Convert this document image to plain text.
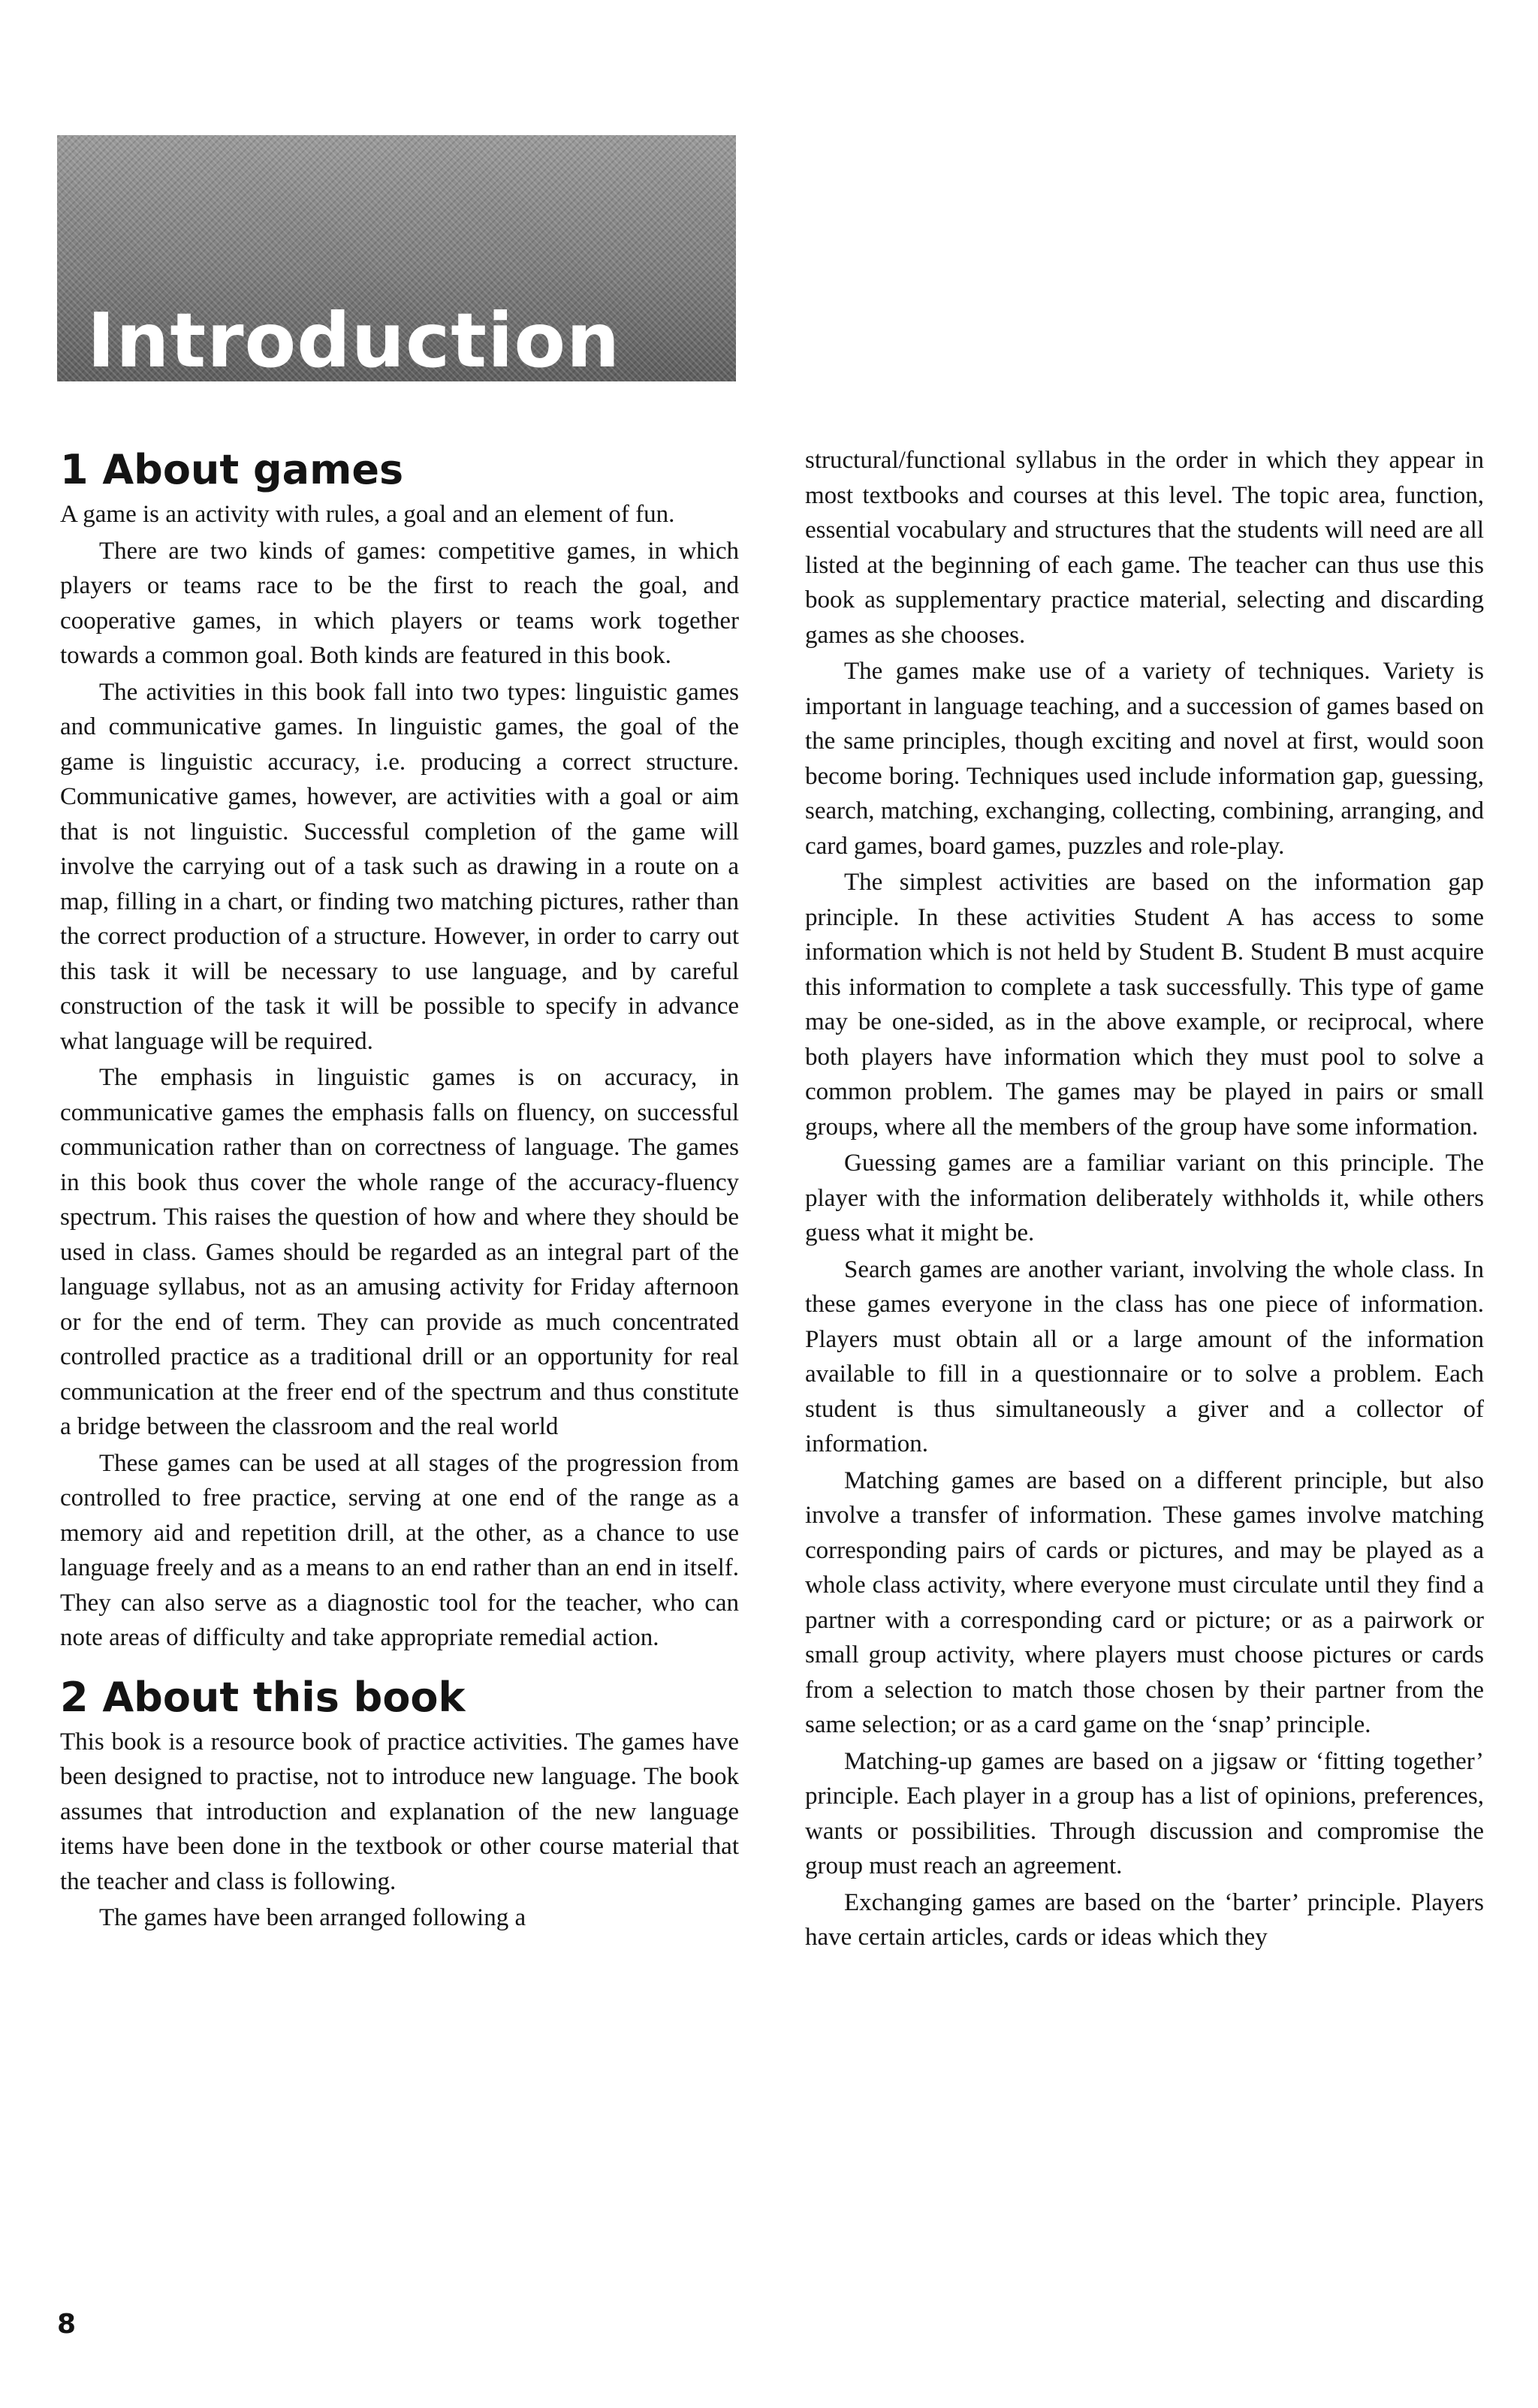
Introduction
1 About games

A game is an activity with rules, a goal and an element of fun.

There are two kinds of games: competitive games, in which players or teams race to be the first to reach the goal, and cooperative games, in which players or teams work together towards a common goal. Both kinds are featured in this book.

The activities in this book fall into two types: linguistic games and communicative games. In linguistic games, the goal of the game is linguistic accuracy, i.e. producing a correct structure. Communicative games, however, are activities with a goal or aim that is not linguistic. Successful completion of the game will involve the carrying out of a task such as drawing in a route on a map, filling in a chart, or finding two matching pictures, rather than the correct production of a structure. However, in order to carry out this task it will be necessary to use language, and by careful construction of the task it will be possible to specify in advance what language will be required.

The emphasis in linguistic games is on accuracy, in communicative games the emphasis falls on fluency, on successful communication rather than on correctness of language. The games in this book thus cover the whole range of the accuracy-fluency spectrum. This raises the question of how and where they should be used in class. Games should be regarded as an integral part of the language syllabus, not as an amusing activity for Friday afternoon or for the end of term. They can provide as much concentrated controlled practice as a traditional drill or an opportunity for real communication at the freer end of the spectrum and thus constitute a bridge between the classroom and the real world

These games can be used at all stages of the progression from controlled to free practice, serving at one end of the range as a memory aid and repetition drill, at the other, as a chance to use language freely and as a means to an end rather than an end in itself. They can also serve as a diagnostic tool for the teacher, who can note areas of difficulty and take appropriate remedial action.

2 About this book

This book is a resource book of practice activities. The games have been designed to practise, not to introduce new language. The book assumes that introduction and explanation of the new language items have been done in the textbook or other course material that the teacher and class is following.

The games have been arranged following a

structural/functional syllabus in the order in which they appear in most textbooks and courses at this level. The topic area, function, essential vocabulary and structures that the students will need are all listed at the beginning of each game. The teacher can thus use this book as supplementary practice material, selecting and discarding games as she chooses.

The games make use of a variety of techniques. Variety is important in language teaching, and a succession of games based on the same principles, though exciting and novel at first, would soon become boring. Techniques used include information gap, guessing, search, matching, exchanging, collecting, combining, arranging, and card games, board games, puzzles and role-play.

The simplest activities are based on the information gap principle. In these activities Student A has access to some information which is not held by Student B. Student B must acquire this information to complete a task successfully. This type of game may be one-sided, as in the above example, or reciprocal, where both players have information which they must pool to solve a common problem. The games may be played in pairs or small groups, where all the members of the group have some information.

Guessing games are a familiar variant on this principle. The player with the information deliberately withholds it, while others guess what it might be.

Search games are another variant, involving the whole class. In these games everyone in the class has one piece of information. Players must obtain all or a large amount of the information available to fill in a questionnaire or to solve a problem. Each student is thus simultaneously a giver and a collector of information.

Matching games are based on a different principle, but also involve a transfer of information. These games involve matching corresponding pairs of cards or pictures, and may be played as a whole class activity, where everyone must circulate until they find a partner with a corresponding card or picture; or as a pairwork or small group activity, where players must choose pictures or cards from a selection to match those chosen by their partner from the same selection; or as a card game on the ‘snap’ principle.

Matching-up games are based on a jigsaw or ‘fitting together’ principle. Each player in a group has a list of opinions, preferences, wants or possibilities. Through discussion and compromise the group must reach an agreement.

Exchanging games are based on the ‘barter’ principle. Players have certain articles, cards or ideas which they

8
